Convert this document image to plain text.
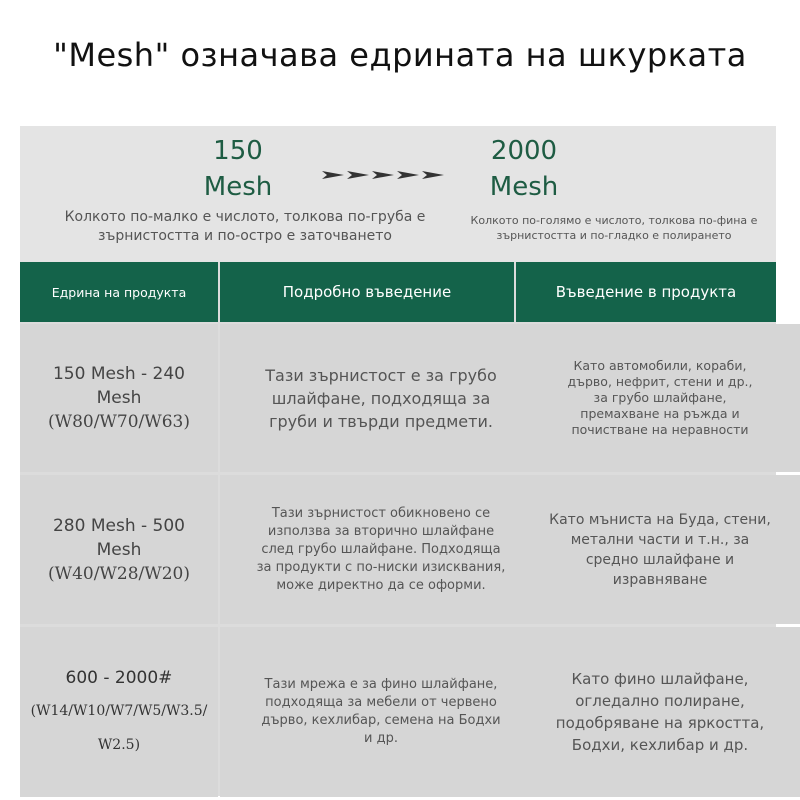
"Mesh" означава едрината на шкурката
150
Mesh
2000
Mesh
Колкото по-малко е числото, толкова по-груба е зърнистостта и по-остро е заточването
Колкото по-голямо е числото, толкова по-фина е зърнистостта и по-гладко е полирането
Едрина на продукта	Подробно въведение	Въведение в продукта
150 Mesh - 240
Mesh
(W80/W70/W63)
Тази зърнистост е за грубо шлайфане, подходяща за груби и твърди предмети.
Като автомобили, кораби, дърво, нефрит, стени и др., за грубо шлайфане, премахване на ръжда и почистване на неравности
280 Mesh - 500
Mesh
(W40/W28/W20)
Тази зърнистост обикновено се използва за вторично шлайфане след грубо шлайфане. Подходяща за продукти с по-ниски изисквания, може директно да се оформи.
Като мъниста на Буда, стени, метални части и т.н., за средно шлайфане и изравняване
600 - 2000#
(W14/W10/W7/W5/W3.5/
W2.5)
Тази мрежа е за фино шлайфане, подходяща за мебели от червено дърво, кехлибар, семена на Бодхи и др.
Като фино шлайфане, огледално полиране, подобряване на яркостта, Бодхи, кехлибар и др.
